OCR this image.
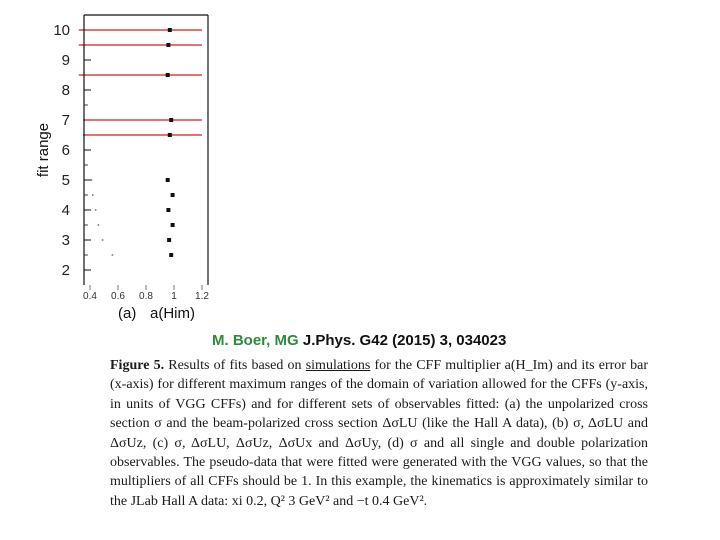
2
3
4
5
6
7
8
9
10
0.4 0.6 0.8 1 1.2
fit range
(a) a(Him)
M. Boer, MG J.Phys. G42 (2015) 3, 034023

Figure 5. Results of fits based on simulations for the CFF multiplier a(H_Im) and its error bar (x-axis) for different maximum ranges of the domain of variation allowed for the CFFs (y-axis, in units of VGG CFFs) and for different sets of observables fitted: (a) the unpolarized cross section σ and the beam-polarized cross section ΔσLU (like the Hall A data), (b) σ, ΔσLU and ΔσUz, (c) σ, ΔσLU, ΔσUz, ΔσUx and ΔσUy, (d) σ and all single and double polarization observables. The pseudo-data that were fitted were generated with the VGG values, so that the multipliers of all CFFs should be 1. In this example, the kinematics is approximately similar to the JLab Hall A data: xi 0.2, Q² 3 GeV² and −t 0.4 GeV².
